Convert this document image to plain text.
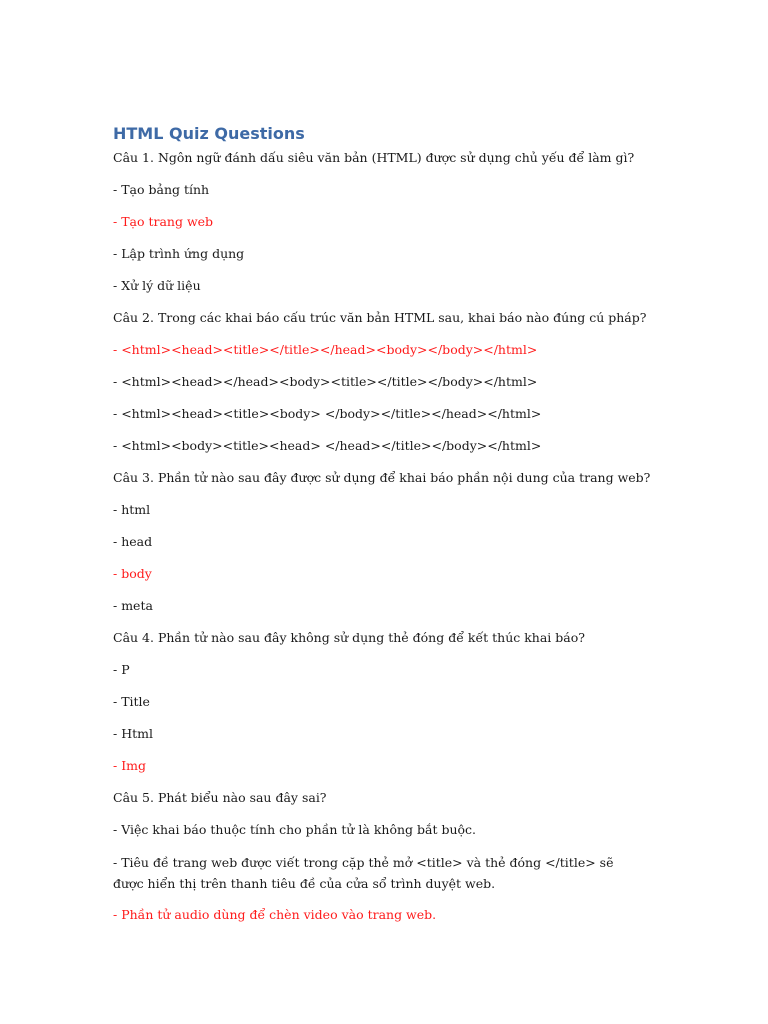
HTML Quiz Questions
Câu 1. Ngôn ngữ đánh dấu siêu văn bản (HTML) được sử dụng chủ yếu để làm gì?
- Tạo bảng tính
- Tạo trang web
- Lập trình ứng dụng
- Xử lý dữ liệu
Câu 2. Trong các khai báo cấu trúc văn bản HTML sau, khai báo nào đúng cú pháp?
- <html><head><title></title></head><body></body></html>
- <html><head></head><body><title></title></body></html>
- <html><head><title><body> </body></title></head></html>
- <html><body><title><head> </head></title></body></html>
Câu 3. Phần tử nào sau đây được sử dụng để khai báo phần nội dung của trang web?
- html
- head
- body
- meta
Câu 4. Phần tử nào sau đây không sử dụng thẻ đóng để kết thúc khai báo?
- P
- Title
- Html
- Img
Câu 5. Phát biểu nào sau đây sai?
- Việc khai báo thuộc tính cho phần tử là không bắt buộc.
- Tiêu đề trang web được viết trong cặp thẻ mở <title> và thẻ đóng </title> sẽ được hiển thị trên thanh tiêu đề của cửa sổ trình duyệt web.
- Phần tử audio dùng để chèn video vào trang web.
